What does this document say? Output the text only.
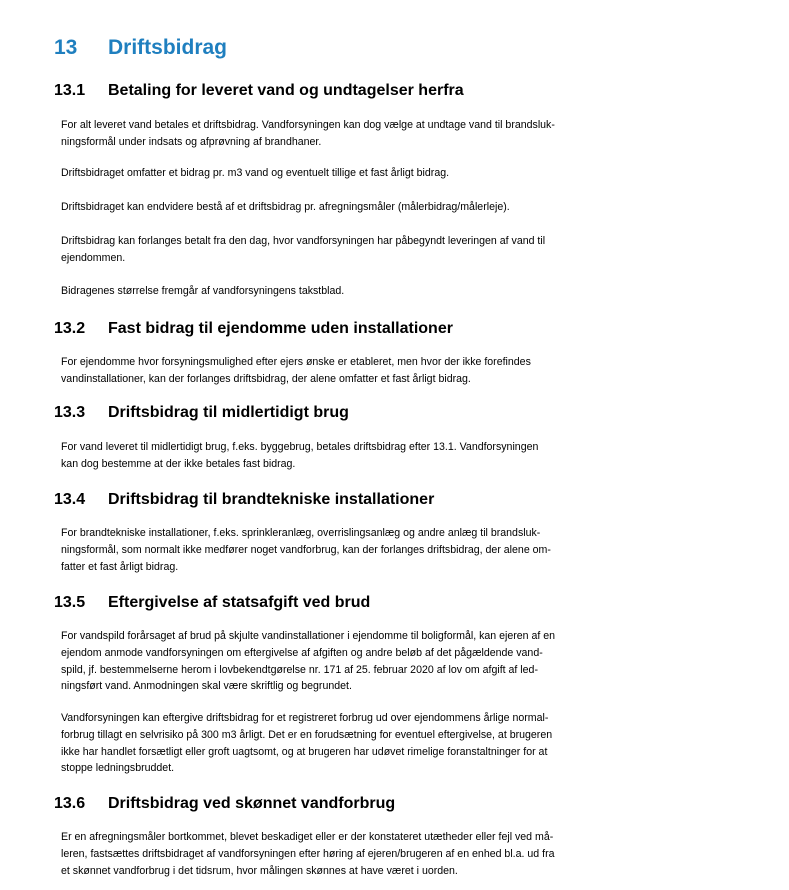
13 Driftsbidrag
13.1 Betaling for leveret vand og undtagelser herfra
For alt leveret vand betales et driftsbidrag. Vandforsyningen kan dog vælge at undtage vand til brandsluk-
ningsformål under indsats og afprøvning af brandhaner.
Driftsbidraget omfatter et bidrag pr. m3 vand og eventuelt tillige et fast årligt bidrag.
Driftsbidraget kan endvidere bestå af et driftsbidrag pr. afregningsmåler (målerbidrag/målerleje).
Driftsbidrag kan forlanges betalt fra den dag, hvor vandforsyningen har påbegyndt leveringen af vand til
ejendommen.
Bidragenes størrelse fremgår af vandforsyningens takstblad.
13.2 Fast bidrag til ejendomme uden installationer
For ejendomme hvor forsyningsmulighed efter ejers ønske er etableret, men hvor der ikke forefindes
vandinstallationer, kan der forlanges driftsbidrag, der alene omfatter et fast årligt bidrag.
13.3 Driftsbidrag til midlertidigt brug
For vand leveret til midlertidigt brug, f.eks. byggebrug, betales driftsbidrag efter 13.1. Vandforsyningen
kan dog bestemme at der ikke betales fast bidrag.
13.4 Driftsbidrag til brandtekniske installationer
For brandtekniske installationer, f.eks. sprinkleranlæg, overrislingsanlæg og andre anlæg til brandsluk-
ningsformål, som normalt ikke medfører noget vandforbrug, kan der forlanges driftsbidrag, der alene om-
fatter et fast årligt bidrag.
13.5 Eftergivelse af statsafgift ved brud
For vandspild forårsaget af brud på skjulte vandinstallationer i ejendomme til boligformål, kan ejeren af en
ejendom anmode vandforsyningen om eftergivelse af afgiften og andre beløb af det pågældende vand-
spild, jf. bestemmelserne herom i lovbekendtgørelse nr. 171 af 25. februar 2020 af lov om afgift af led-
ningsført vand. Anmodningen skal være skriftlig og begrundet.
Vandforsyningen kan eftergive driftsbidrag for et registreret forbrug ud over ejendommens årlige normal-
forbrug tillagt en selvrisiko på 300 m3 årligt. Det er en forudsætning for eventuel eftergivelse, at brugeren
ikke har handlet forsætligt eller groft uagtsomt, og at brugeren har udøvet rimelige foranstaltninger for at
stoppe ledningsbruddet.
13.6 Driftsbidrag ved skønnet vandforbrug
Er en afregningsmåler bortkommet, blevet beskadiget eller er der konstateret utætheder eller fejl ved må-
leren, fastsættes driftsbidraget af vandforsyningen efter høring af ejeren/brugeren af en enhed bl.a. ud fra
et skønnet vandforbrug i det tidsrum, hvor målingen skønnes at have været i uorden.
